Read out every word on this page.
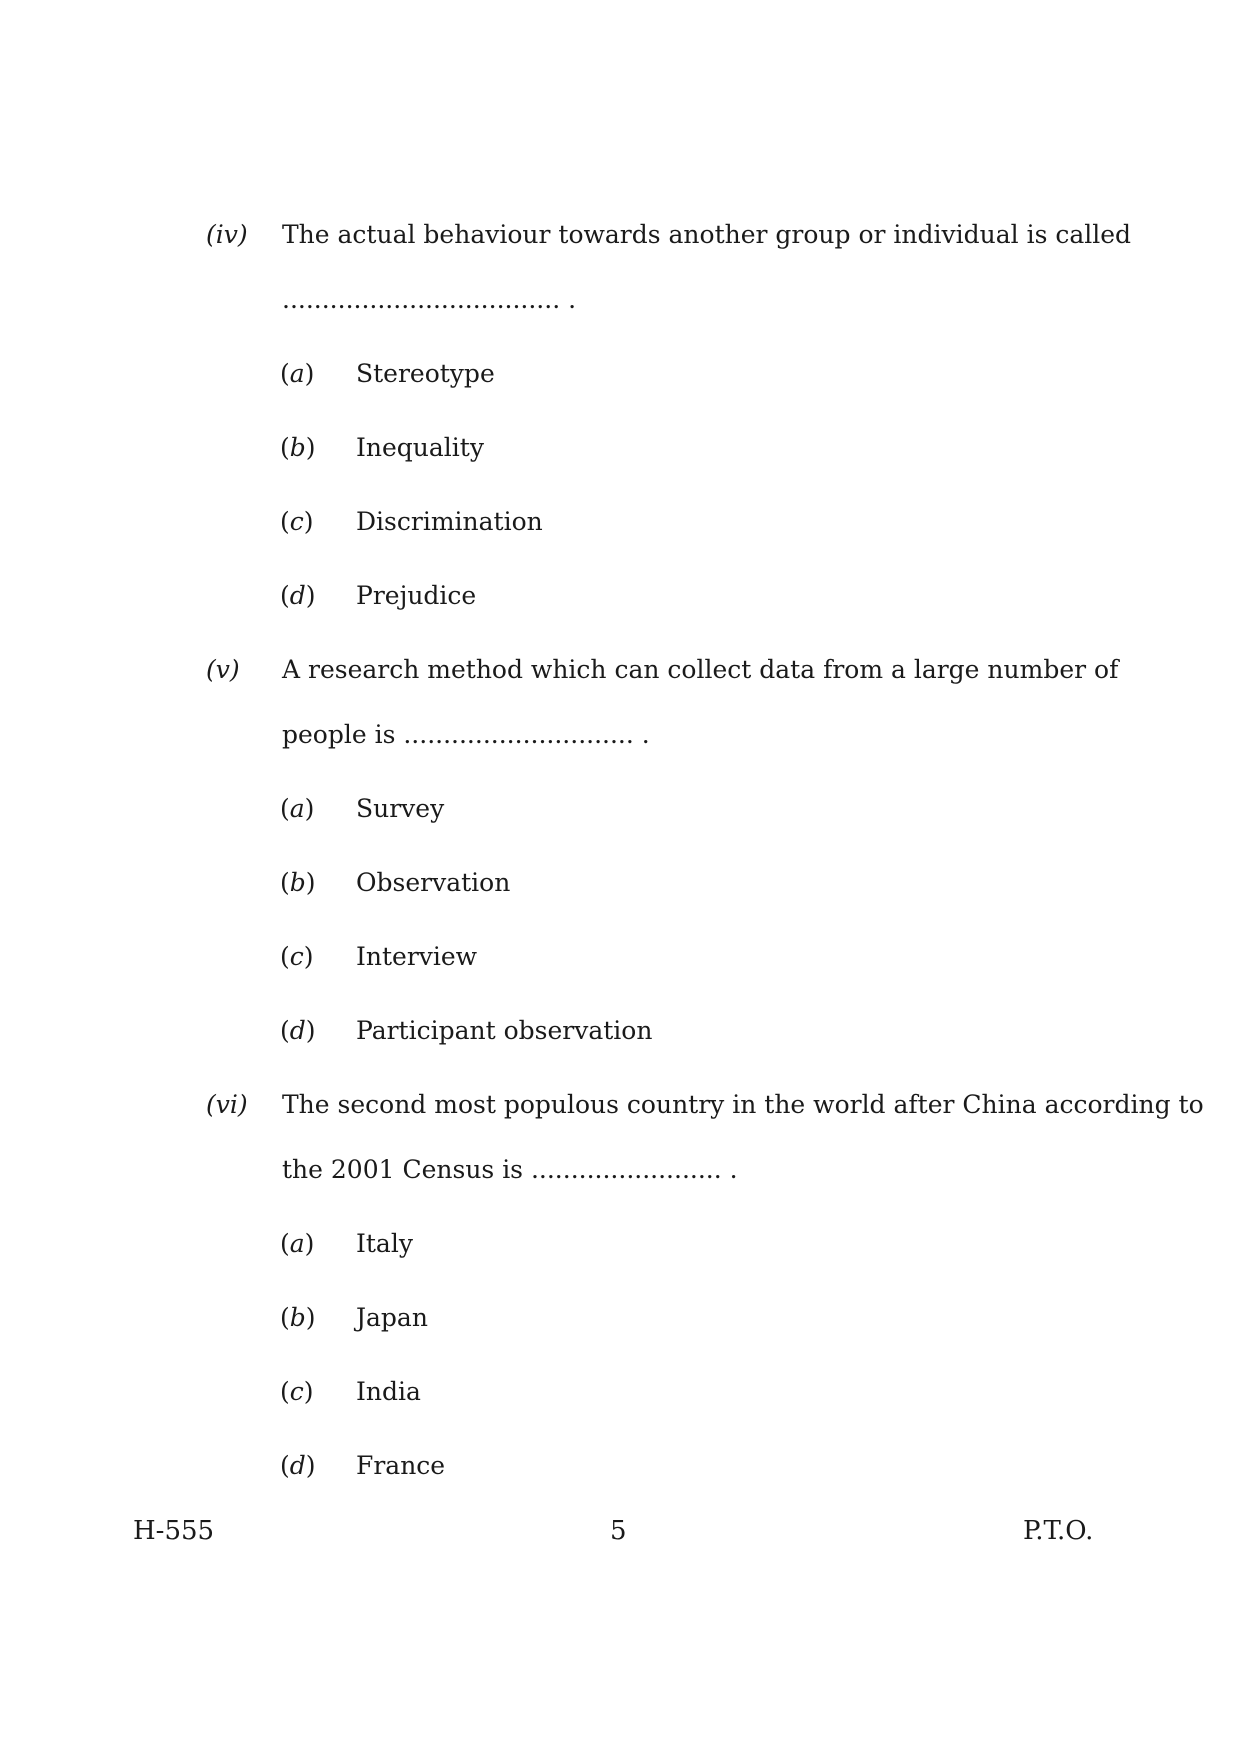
(iv) The actual behaviour towards another group or individual is called
................................... .
(a) Stereotype
(b) Inequality
(c) Discrimination
(d) Prejudice
(v) A research method which can collect data from a large number of
people is ............................. .
(a) Survey
(b) Observation
(c) Interview
(d) Participant observation
(vi) The second most populous country in the world after China according to
the 2001 Census is ........................ .
(a) Italy
(b) Japan
(c) India
(d) France
H-555	5	P.T.O.
